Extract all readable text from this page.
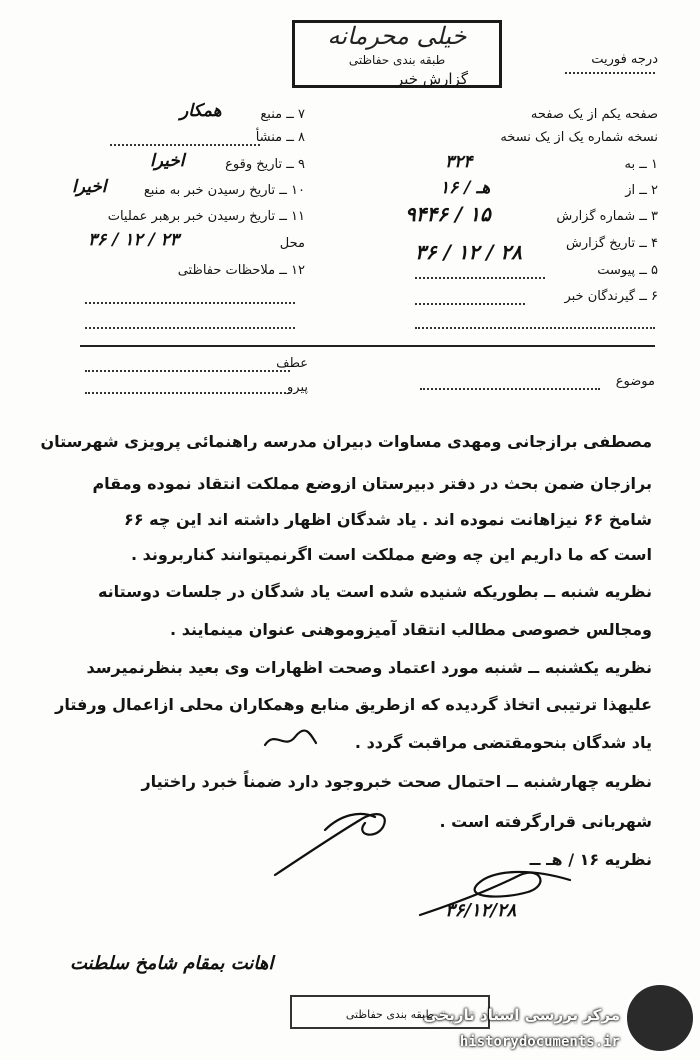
خیلی محرمانه
طبقه بندی حفاظتی
گزارش خبر
درجه فوریت
صفحه یکم از یک صفحه
نسخه شماره یک از یک نسخه
۱ ــ به
۳۲۴
۲ ــ از
۱۶ / هـ
۳ ــ شماره گزارش
۹۴۴۶ / ۱۵
۴ ــ تاریخ گزارش
۳۶ / ۱۲ / ۲۸
۵ ــ پیوست
۶ ــ گیرندگان خبر
۷ ــ منبع
همکار
۸ ــ منشأ
۹ ــ تاریخ وقوع
اخیرا
۱۰ ــ تاریخ رسیدن خبر به منبع
اخیرا
۱۱ ــ تاریخ رسیدن خبر برهبر عملیات
محل
۳۶ / ۱۲ / ۲۳
۱۲ ــ ملاحظات حفاظتی
عطف
پیرو	موضوع
مصطفی برازجانی ومهدی مساوات دبیران مدرسه راهنمائی پرویزی شهرستان
برازجان ضمن بحث در دفتر دبیرستان ازوضع مملکت انتقاد نموده ومقام
شامخ ۶۶ نیزاهانت نموده اند . یاد شدگان اظهار داشته اند این چه ۶۶
است که ما داریم این چه وضع مملکت است اگرنمیتوانند کناربروند .
نظریه شنبه ــ بطوریکه شنیده شده است یاد شدگان در جلسات دوستانه
ومجالس خصوصی مطالب انتقاد آمیزوموهنی عنوان مینمایند .
نظریه یکشنبه ــ شنبه مورد اعتماد وصحت اظهارات وی بعید بنظرنمیرسد
علیهذا ترتیبی اتخاذ گردیده که ازطریق منابع وهمکاران محلی ازاعمال ورفتار
یاد شدگان بنحومقتضی مراقبت گردد .
نظریه چهارشنبه ــ احتمال صحت خبروجود دارد ضمناً خبرد راختیار
شهربانی قرارگرفته است .
نظریه ۱۶ / هـ ــ
۳۶/۱۲/۲۸
اهانت بمقام شامخ سلطنت
طبقه بندی حفاظتی
مرکز بررسی اسناد تاریخی
historydocuments.ir
